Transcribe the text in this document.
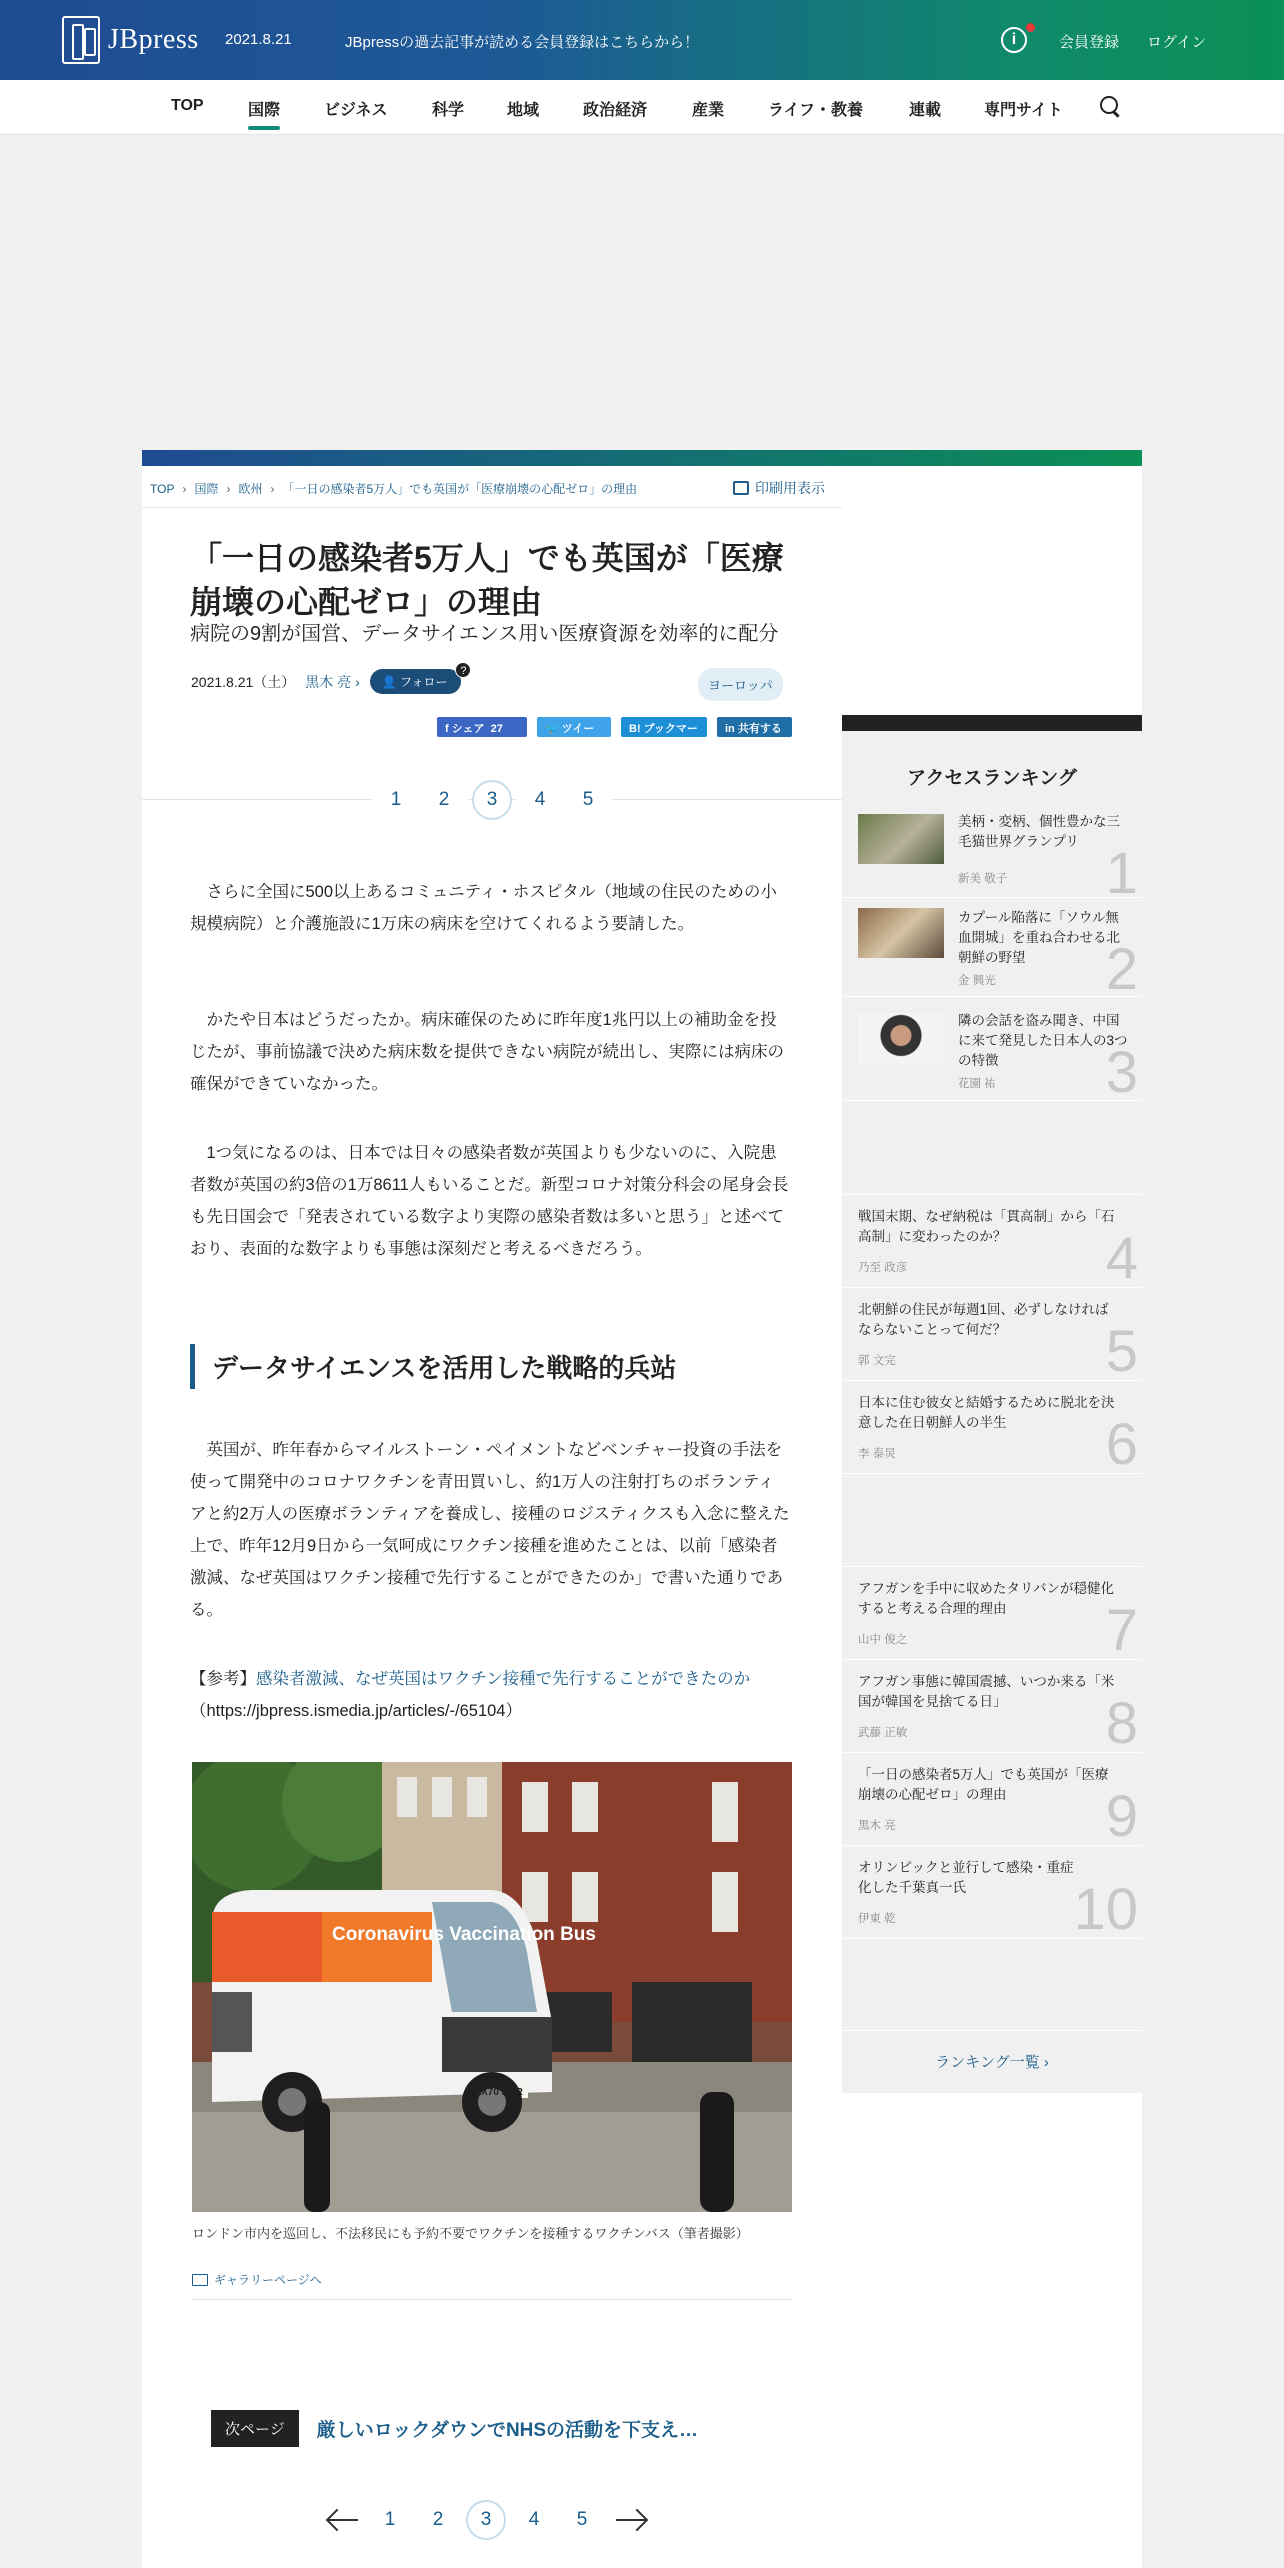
JBpress 2021.8.21	JBpressの過去記事が読める会員登録はこちらから！	i	会員登録 ログイン
TOP	国際	ビジネス	科学	地域	政治経済	産業	ライフ・教養	連載	専門サイト
TOP › 国際 › 欧州 › 「一日の感染者5万人」でも英国が「医療崩壊の心配ゼロ」の理由	印刷用表示
「一日の感染者5万人」でも英国が「医療崩壊の心配ゼロ」の理由
病院の9割が国営、データサイエンス用い医療資源を効率的に配分
2021.8.21（土） 黒木 亮 ›	👤 フォロー
?
ヨーロッパ
f シェア 27	🐦 ツイート
B! ブックマーク
in 共有する
1	2	3	4	5

さらに全国に500以上あるコミュニティ・ホスピタル（地域の住民のための小規模病院）と介護施設に1万床の病床を空けてくれるよう要請した。

かたや日本はどうだったか。病床確保のために昨年度1兆円以上の補助金を投じたが、事前協議で決めた病床数を提供できない病院が続出し、実際には病床の確保ができていなかった。

1つ気になるのは、日本では日々の感染者数が英国よりも少ないのに、入院患者数が英国の約3倍の1万8611人もいることだ。新型コロナ対策分科会の尾身会長も先日国会で「発表されている数字より実際の感染者数は多いと思う」と述べており、表面的な数字よりも事態は深刻だと考えるべきだろう。

データサイエンスを活用した戦略的兵站

英国が、昨年春からマイルストーン・ペイメントなどベンチャー投資の手法を使って開発中のコロナワクチンを青田買いし、約1万人の注射打ちのボランティアと約2万人の医療ボランティアを養成し、接種のロジスティクスも入念に整えた上で、昨年12月9日から一気呵成にワクチン接種を進めたことは、以前「感染者激減、なぜ英国はワクチン接種で先行することができたのか」で書いた通りである。

【参考】感染者激減、なぜ英国はワクチン接種で先行することができたのか （https://jbpress.ismedia.jp/articles/-/65104）
Coronavirus Vaccination Bus
LX70 BVR
ロンドン市内を巡回し、不法移民にも予約不要でワクチンを接種するワクチンバス（筆者撮影）
ギャラリーページへ
次ページ	厳しいロックダウンでNHSの活動を下支え…
1	2	3	4	5
アクセスランキング
美柄・変柄、個性豊かな三毛猫世界グランプリ
新美 敬子 1
カプール陥落に「ソウル無血開城」を重ね合わせる北朝鮮の野望
金 興光 2
隣の会話を盗み聞き、中国に来て発見した日本人の3つの特徴
花園 祐 3
戦国末期、なぜ納税は「貫高制」から「石高制」に変わったのか？
乃至 政彦	4
北朝鮮の住民が毎週1回、必ずしなければならないことって何だ？
郭 文完	5
日本に住む彼女と結婚するために脱北を決意した在日朝鮮人の半生
李 泰炅	6
アフガンを手中に収めたタリバンが穏健化すると考える合理的理由
山中 俊之	7
アフガン事態に韓国震撼、いつか来る「米国が韓国を見捨てる日」
武藤 正敏	8
「一日の感染者5万人」でも英国が「医療崩壊の心配ゼロ」の理由
黒木 亮	9
オリンピックと並行して感染・重症化した千葉真一氏
伊東 乾	10
ランキング一覧 ›
